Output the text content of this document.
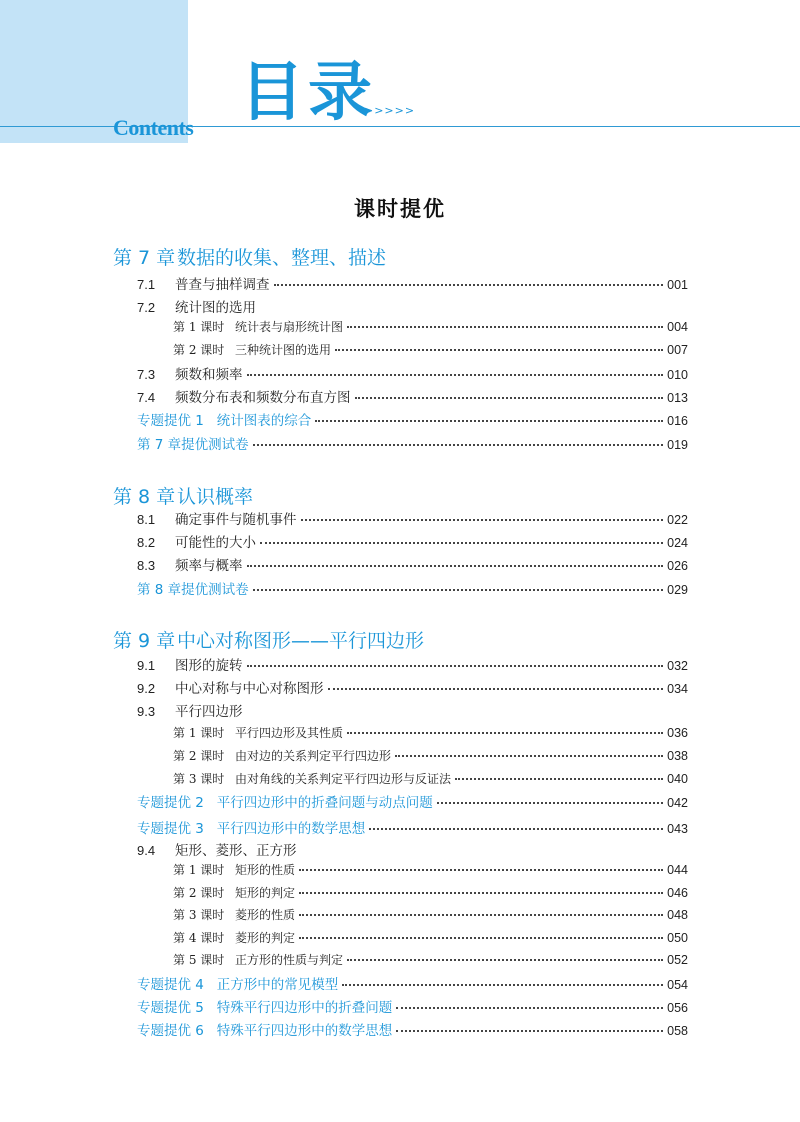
目录
>>>>>
Contents
课时提优
第 7 章数据的收集、整理、描述
第 8 章认识概率
第 9 章中心对称图形——平行四边形
7.1	普查与抽样调查	001
7.2	统计图的选用
第 1 课时 统计表与扇形统计图	004
第 2 课时 三种统计图的选用	007
7.3	频数和频率	010
7.4	频数分布表和频数分布直方图	013
专题提优 1   统计图表的综合	016
第 7 章提优测试卷	019
8.1	确定事件与随机事件	022
8.2	可能性的大小	024
8.3	频率与概率	026
第 8 章提优测试卷	029
9.1	图形的旋转	032
9.2	中心对称与中心对称图形	034
9.3	平行四边形
第 1 课时 平行四边形及其性质	036
第 2 课时 由对边的关系判定平行四边形	038
第 3 课时 由对角线的关系判定平行四边形与反证法	040
专题提优 2   平行四边形中的折叠问题与动点问题	042
专题提优 3   平行四边形中的数学思想	043
9.4	矩形、菱形、正方形
第 1 课时 矩形的性质	044
第 2 课时 矩形的判定	046
第 3 课时 菱形的性质	048
第 4 课时 菱形的判定	050
第 5 课时 正方形的性质与判定	052
专题提优 4   正方形中的常见模型	054
专题提优 5   特殊平行四边形中的折叠问题	056
专题提优 6   特殊平行四边形中的数学思想	058
